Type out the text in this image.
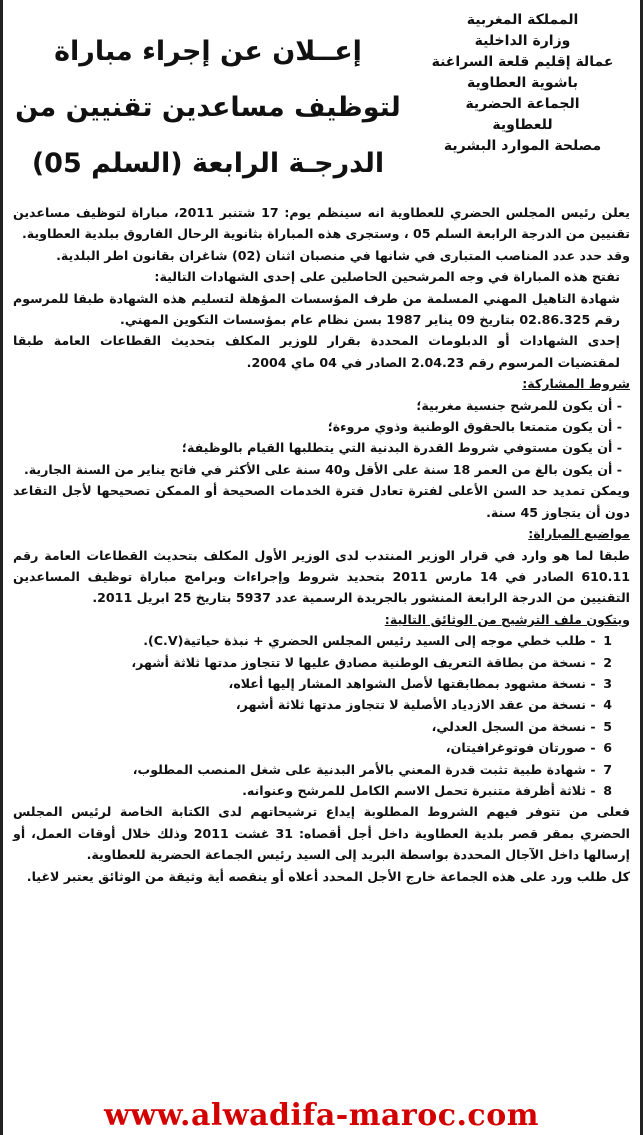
المملكة المغربية
وزارة الداخلية
عمالة إقليم قلعة السراغنة
باشوية العطاوية
الجماعة الحضرية
للعطاوية
مصلحة الموارد البشرية
إعــلان عن إجراء مباراة
لتوظيف مساعدين تقنيين من
الدرجـة الرابعة (السلم 05)

يعلن رئيس المجلس الحضري للعطاوية انه سينظم يوم: 17 شتنبر 2011، مباراة لتوظيف مساعدين تقنيين من الدرجة الرابعة السلم 05 ، وستجرى هذه المباراة بثانوية الرحال الفاروق ببلدية العطاوية.

وقد حدد عدد المناصب المتبارى في شانها في منصبان اثنان (02) شاغران بقانون اطر البلدية.

تفتح هذه المباراة في وجه المرشحين الحاصلين على إحدى الشهادات التالية:

شهادة التاهيل المهني المسلمة من طرف المؤسسات المؤهلة لتسليم هذه الشهادة طبقا للمرسوم رقم 02.86.325 بتاريخ 09 يناير 1987 بسن نظام عام بمؤسسات التكوين المهني.

إحدى الشهادات أو الدبلومات المحددة بقرار للوزير المكلف بتحديث القطاعات العامة طبقا لمقتضيات المرسوم رقم 2.04.23 الصادر في 04 ماي 2004.

شروط المشاركة:

- أن يكون للمرشح جنسية مغربية؛
- أن يكون متمتعا بالحقوق الوطنية وذوي مروءة؛
- أن يكون مستوفي شروط القدرة البدنية التي يتطلبها القيام بالوظيفة؛
- أن يكون بالغ من العمر 18 سنة على الأقل و40 سنة على الأكثر في فاتح يناير من السنة الجارية.

ويمكن تمديد حد السن الأعلى لفترة تعادل فترة الخدمات الصحيحة أو الممكن تصحيحها لأجل التقاعد دون أن يتجاوز 45 سنة.

مواضيع المباراة:

طبقا لما هو وارد في قرار الوزير المنتدب لدى الوزير الأول المكلف بتحديث القطاعات العامة رقم 610.11 الصادر في 14 مارس 2011 بتحديد شروط وإجراءات وبرامج مباراة توظيف المساعدين التقنيين من الدرجة الرابعة المنشور بالجريدة الرسمية عدد 5937 بتاريخ 25 ابريل 2011.

ويتكون ملف الترشيح من الوثائق التالية:

1 - طلب خطي موجه إلى السيد رئيس المجلس الحضري + نبذة حياتية(C.V).
2 - نسخة من بطاقة التعريف الوطنية مصادق عليها لا تتجاوز مدتها ثلاثة أشهر،
3 - نسخة مشهود بمطابقتها لأصل الشواهد المشار إليها أعلاه،
4 - نسخة من عقد الازدياد الأصلية لا تتجاوز مدتها ثلاثة أشهر،
5 - نسخة من السجل العدلي،
6 - صورتان فوتوغرافيتان،
7 - شهادة طبية تثبت قدرة المعني بالأمر البدنية على شغل المنصب المطلوب،
8 - ثلاثة أظرفة متنبرة تحمل الاسم الكامل للمرشح وعنوانه.

فعلى من تتوفر فيهم الشروط المطلوبة إيداع ترشيحاتهم لدى الكتابة الخاصة لرئيس المجلس الحضري بمقر قصر بلدية العطاوية داخل أجل أقصاه: 31 غشت 2011 وذلك خلال أوقات العمل، أو إرسالها داخل الآجال المحددة بواسطة البريد إلى السيد رئيس الجماعة الحضرية للعطاوية.

كل طلب ورد على هذه الجماعة خارج الأجل المحدد أعلاه أو ينقصه أية وثيقة من الوثائق يعتبر لاغيا.

www.alwadifa-maroc.com
